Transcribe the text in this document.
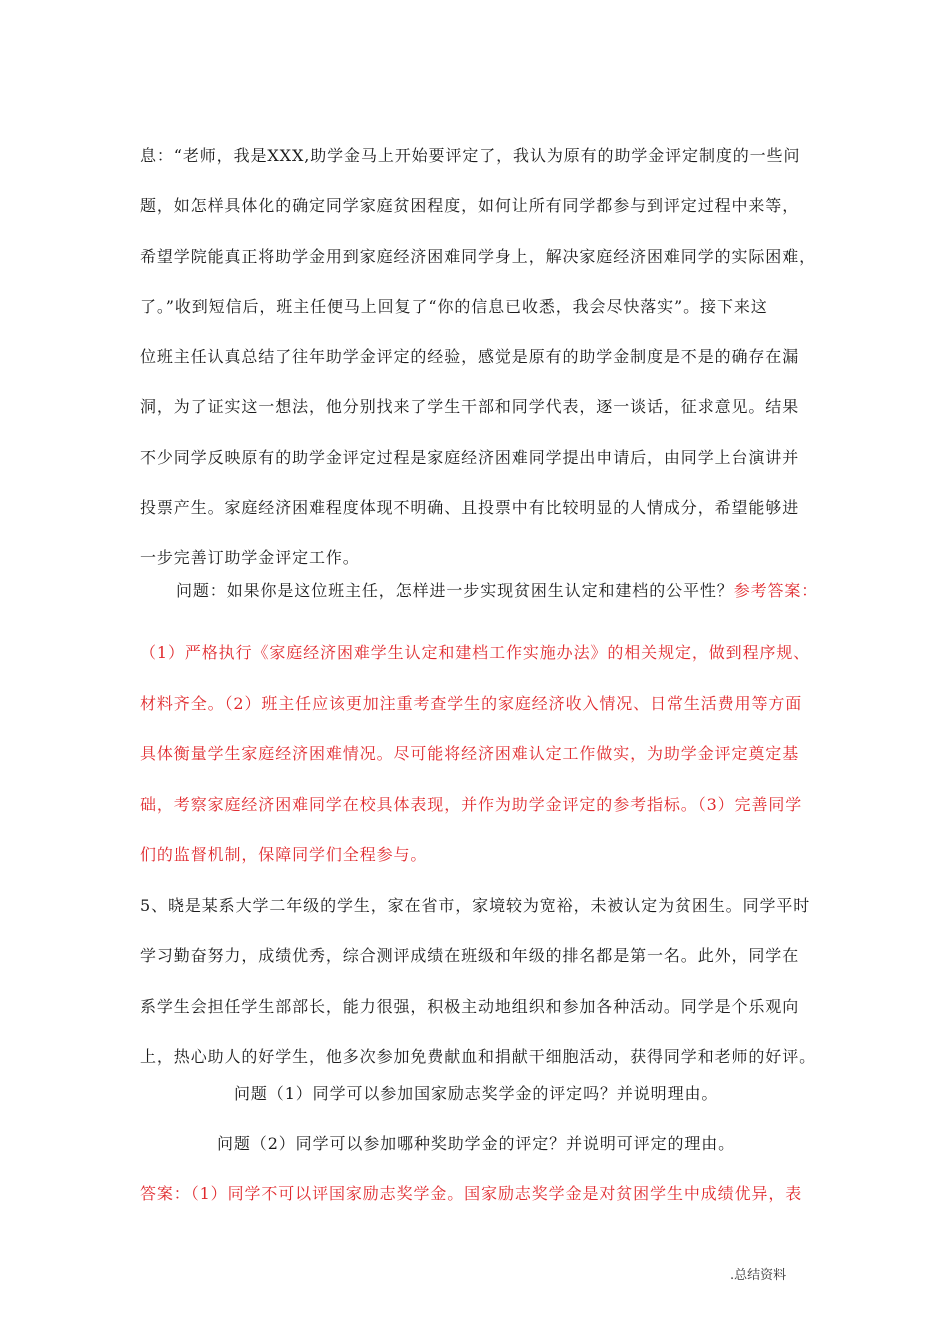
息：“老师，我是XXX,助学金马上开始要评定了，我认为原有的助学金评定制度的一些问
题，如怎样具体化的确定同学家庭贫困程度，如何让所有同学都参与到评定过程中来等，
希望学院能真正将助学金用到家庭经济困难同学身上，解决家庭经济困难同学的实际困难，
了。”收到短信后，班主任便马上回复了“你的信息已收悉，我会尽快落实”。接下来这
位班主任认真总结了往年助学金评定的经验，感觉是原有的助学金制度是不是的确存在漏
洞，为了证实这一想法，他分别找来了学生干部和同学代表，逐一谈话，征求意见。结果
不少同学反映原有的助学金评定过程是家庭经济困难同学提出申请后，由同学上台演讲并
投票产生。家庭经济困难程度体现不明确、且投票中有比较明显的人情成分，希望能够进
一步完善订助学金评定工作。
问题：如果你是这位班主任，怎样进一步实现贫困生认定和建档的公平性？参考答案：
（1）严格执行《家庭经济困难学生认定和建档工作实施办法》的相关规定，做到程序规、
材料齐全。（2）班主任应该更加注重考查学生的家庭经济收入情况、日常生活费用等方面
具体衡量学生家庭经济困难情况。尽可能将经济困难认定工作做实，为助学金评定奠定基
础，考察家庭经济困难同学在校具体表现，并作为助学金评定的参考指标。（3）完善同学
们的监督机制，保障同学们全程参与。
5、晓是某系大学二年级的学生，家在省市，家境较为宽裕，未被认定为贫困生。同学平时
学习勤奋努力，成绩优秀，综合测评成绩在班级和年级的排名都是第一名。此外，同学在
系学生会担任学生部部长，能力很强，积极主动地组织和参加各种活动。同学是个乐观向
上，热心助人的好学生，他多次参加免费献血和捐献干细胞活动，获得同学和老师的好评。
问题（1）同学可以参加国家励志奖学金的评定吗？并说明理由。
问题（2）同学可以参加哪种奖助学金的评定？并说明可评定的理由。
答案：（1）同学不可以评国家励志奖学金。国家励志奖学金是对贫困学生中成绩优异，表
.总结资料
